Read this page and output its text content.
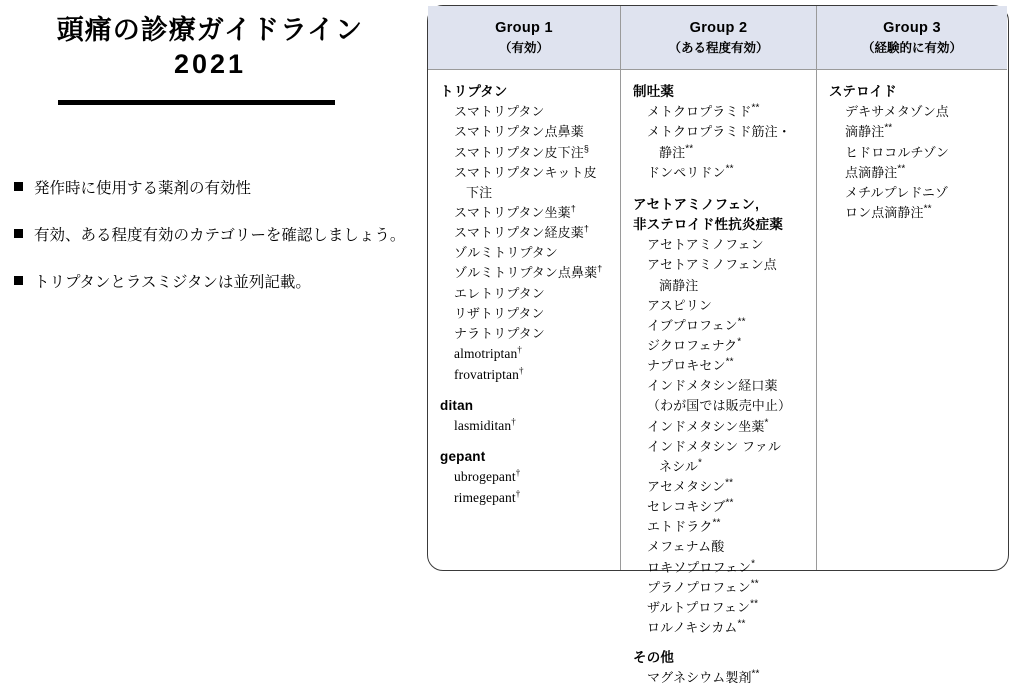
頭痛の診療ガイドライン
2021
発作時に使用する薬剤の有効性
有効、ある程度有効のカテゴリーを確認しましょう。
トリプタンとラスミジタンは並列記載。
Group 1
（有効）
トリプタン
スマトリプタン
スマトリプタン点鼻薬
スマトリプタン皮下注§
スマトリプタンキット皮
下注
スマトリプタン坐薬†
スマトリプタン経皮薬†
ゾルミトリプタン
ゾルミトリプタン点鼻薬†
エレトリプタン
リザトリプタン
ナラトリプタン
almotriptan†
frovatriptan†
ditan
lasmiditan†
gepant
ubrogepant†
rimegepant†
Group 2
（ある程度有効）
制吐薬
メトクロプラミド**
メトクロプラミド筋注・
静注**
ドンペリドン**
アセトアミノフェン,
非ステロイド性抗炎症薬
アセトアミノフェン
アセトアミノフェン点
滴静注
アスピリン
イブプロフェン**
ジクロフェナク*
ナプロキセン**
インドメタシン経口薬
（わが国では販売中止）
インドメタシン坐薬*
インドメタシン ファル
ネシル*
アセメタシン**
セレコキシブ**
エトドラク**
メフェナム酸
ロキソプロフェン*
プラノプロフェン**
ザルトプロフェン**
ロルノキシカム**
その他
マグネシウム製剤**
Group 3
（経験的に有効）
ステロイド
デキサメタゾン点
滴静注**
ヒドロコルチゾン
点滴静注**
メチルプレドニゾ
ロン点滴静注**
